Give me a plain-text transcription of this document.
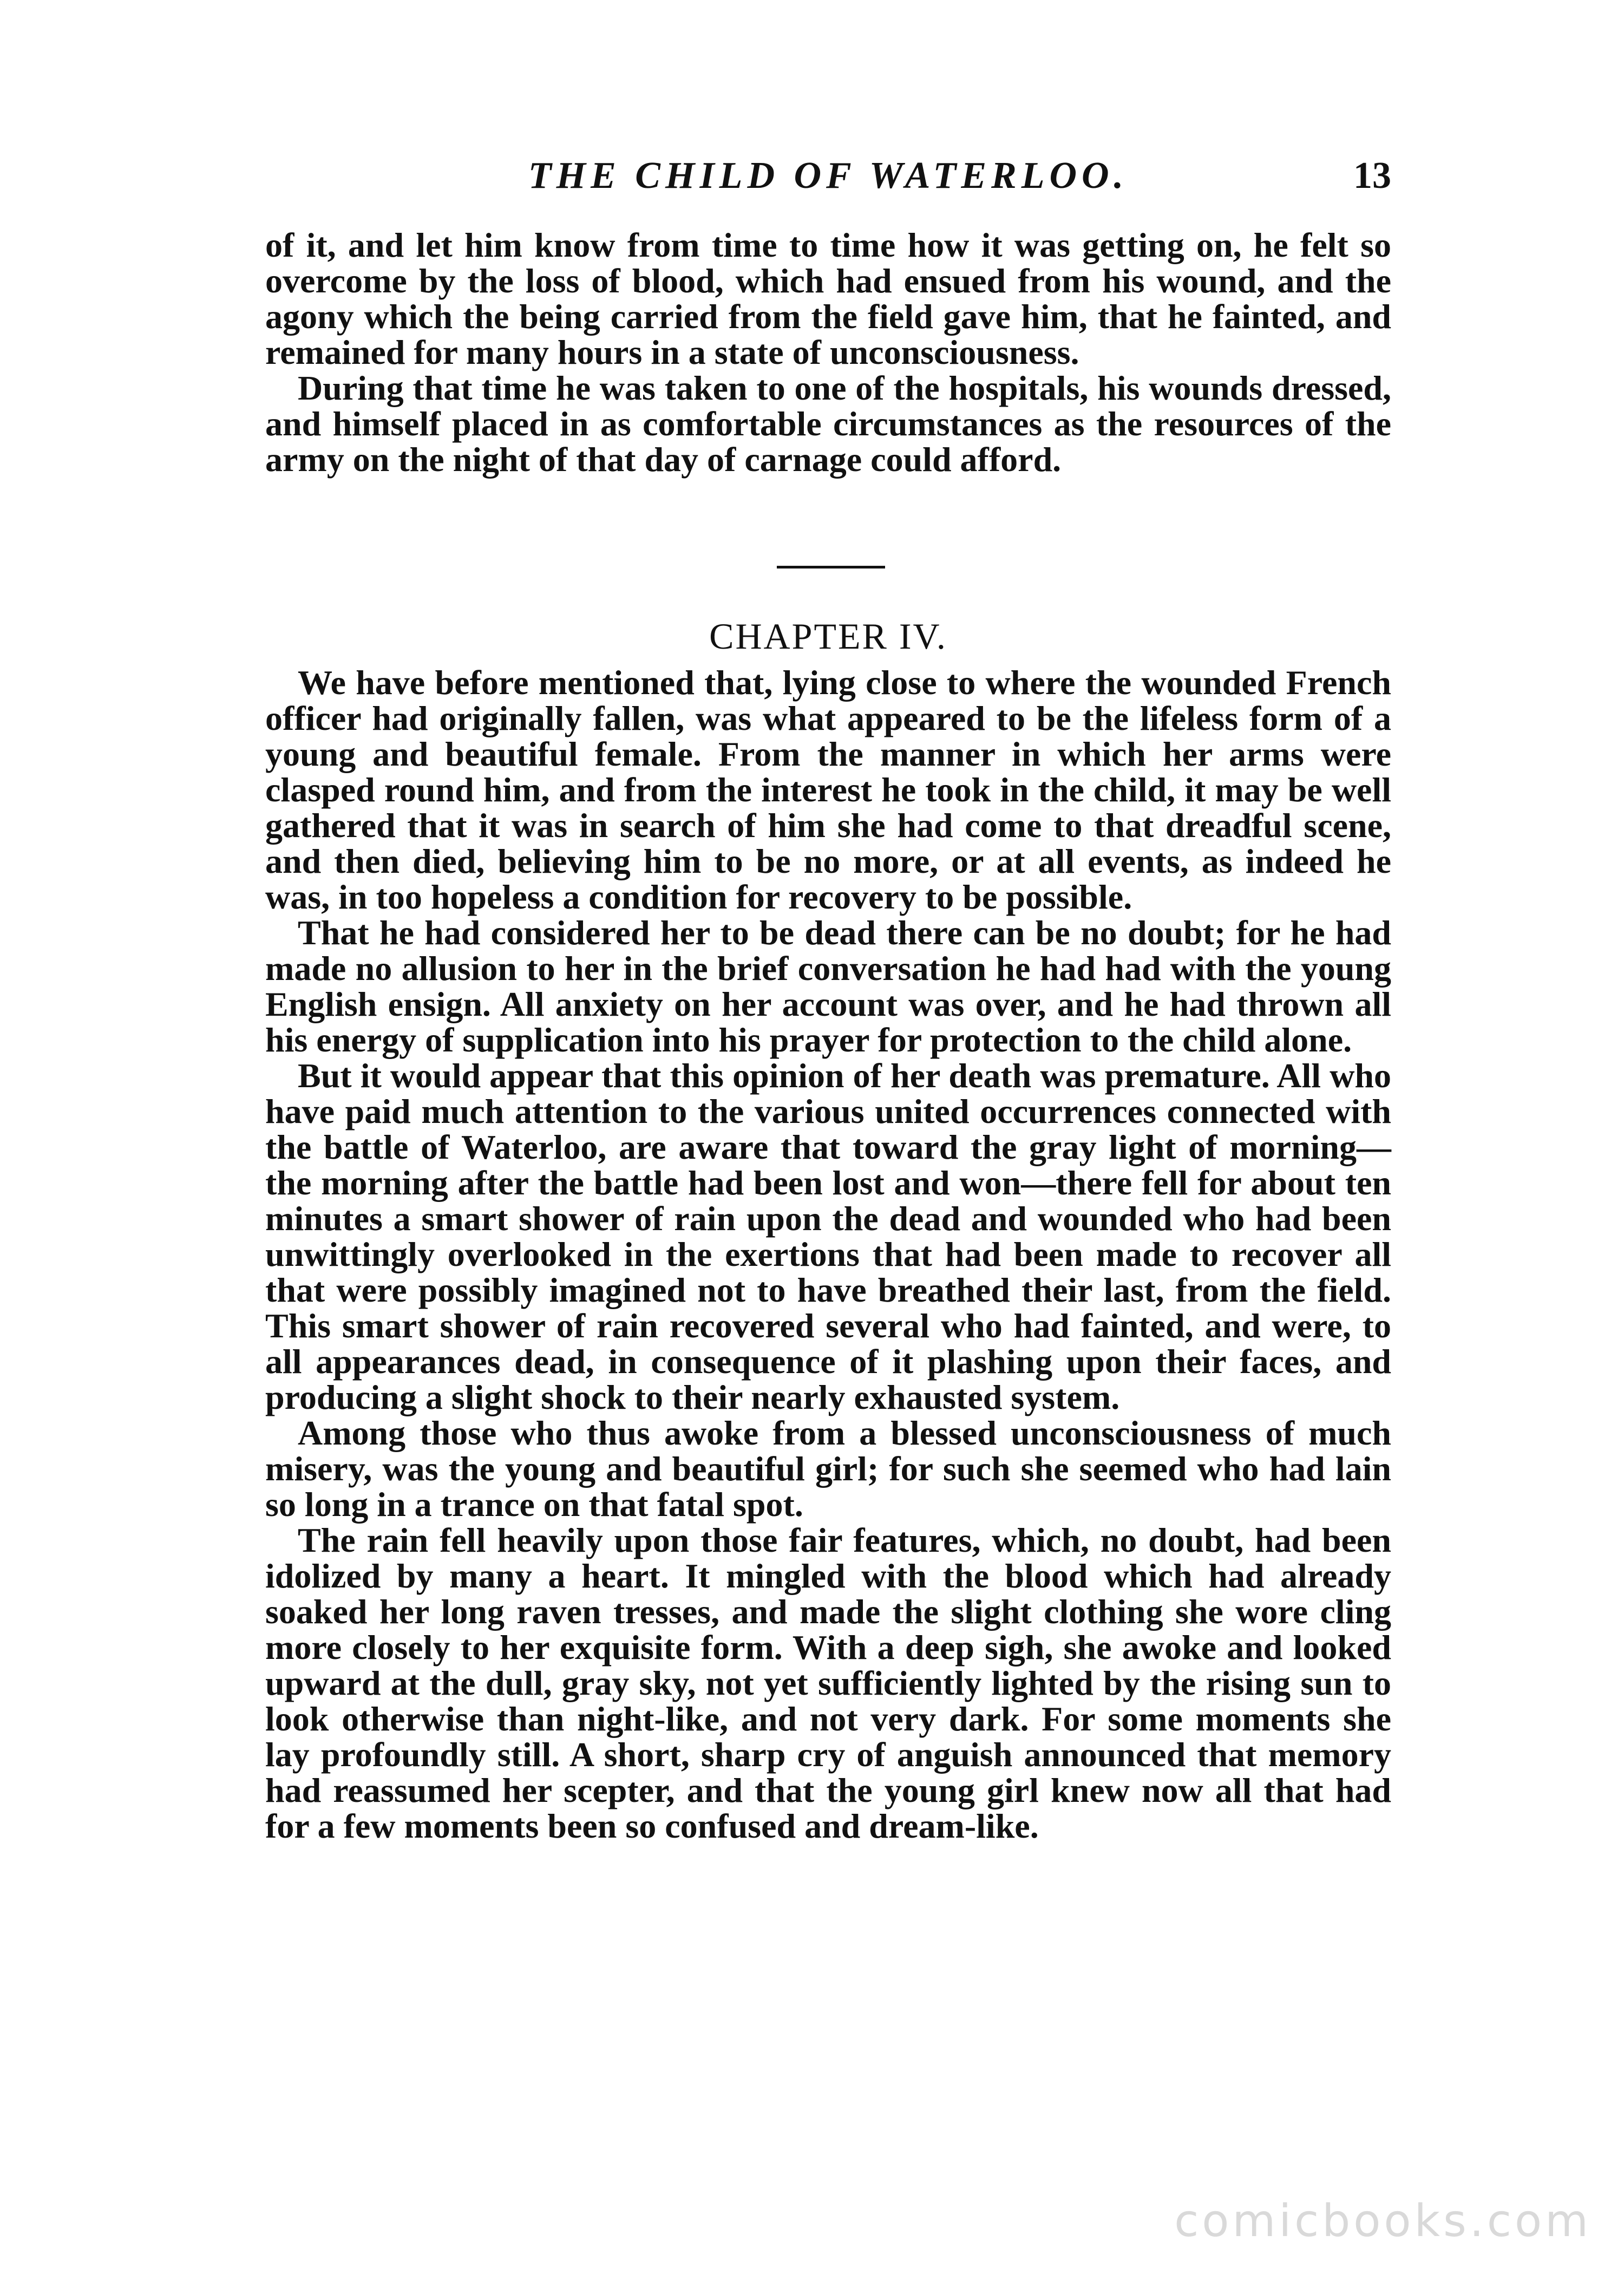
THE CHILD OF WATERLOO.	13

of it, and let him know from time to time how it was getting on, he felt so overcome by the loss of blood, which had ensued from his wound, and the agony which the being carried from the field gave him, that he fainted, and remained for many hours in a state of unconsciousness.

During that time he was taken to one of the hospitals, his wounds dressed, and himself placed in as comfortable circumstances as the resources of the army on the night of that day of carnage could afford.

CHAPTER IV.

We have before mentioned that, lying close to where the wounded French officer had originally fallen, was what appeared to be the lifeless form of a young and beautiful female. From the manner in which her arms were clasped round him, and from the interest he took in the child, it may be well gathered that it was in search of him she had come to that dreadful scene, and then died, believing him to be no more, or at all events, as indeed he was, in too hopeless a condition for recovery to be possible.

That he had considered her to be dead there can be no doubt; for he had made no allusion to her in the brief conversation he had had with the young English ensign. All anxiety on her account was over, and he had thrown all his energy of supplication into his prayer for protection to the child alone.

But it would appear that this opinion of her death was premature. All who have paid much attention to the various united occurrences connected with the battle of Waterloo, are aware that toward the gray light of morning—the morning after the battle had been lost and won—there fell for about ten minutes a smart shower of rain upon the dead and wounded who had been unwittingly overlooked in the exertions that had been made to recover all that were possibly imagined not to have breathed their last, from the field. This smart shower of rain recovered several who had fainted, and were, to all appearances dead, in consequence of it plashing upon their faces, and producing a slight shock to their nearly exhausted system.

Among those who thus awoke from a blessed unconsciousness of much misery, was the young and beautiful girl; for such she seemed who had lain so long in a trance on that fatal spot.

The rain fell heavily upon those fair features, which, no doubt, had been idolized by many a heart. It mingled with the blood which had already soaked her long raven tresses, and made the slight clothing she wore cling more closely to her exquisite form. With a deep sigh, she awoke and looked upward at the dull, gray sky, not yet sufficiently lighted by the rising sun to look otherwise than night-like, and not very dark. For some moments she lay profoundly still. A short, sharp cry of anguish announced that memory had reassumed her scepter, and that the young girl knew now all that had for a few moments been so confused and dream-like.

comicbooks.com
